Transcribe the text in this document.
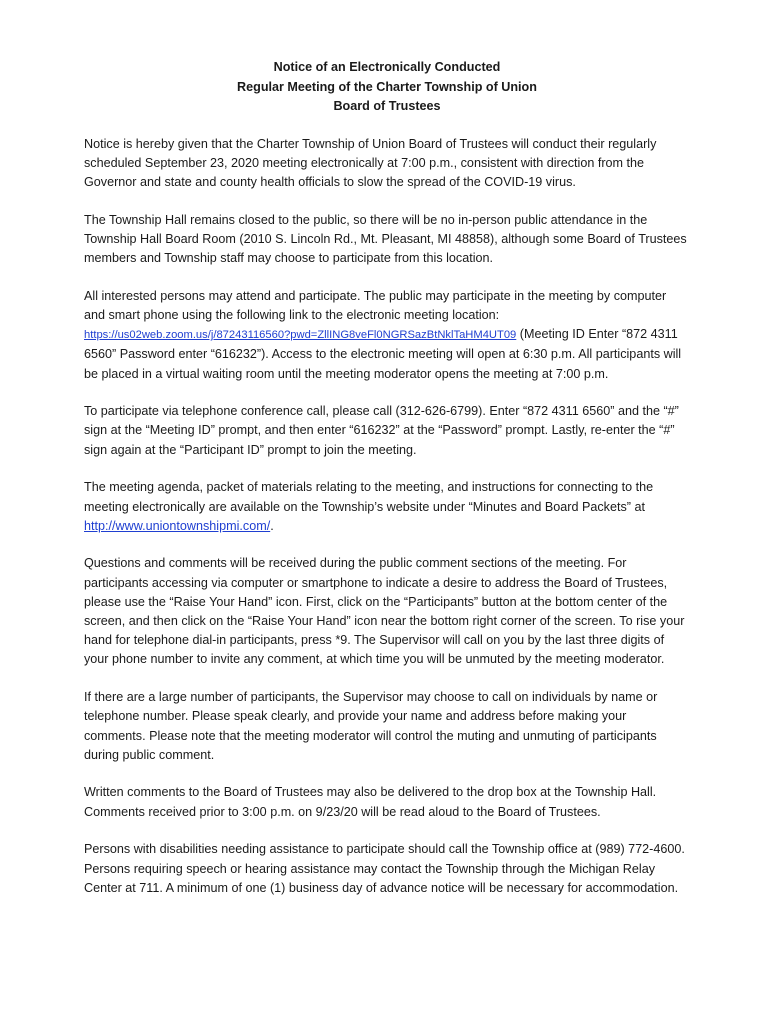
Notice of an Electronically Conducted
Regular Meeting of the Charter Township of Union
Board of Trustees

Notice is hereby given that the Charter Township of Union Board of Trustees will conduct their regularly scheduled September 23, 2020 meeting electronically at 7:00 p.m., consistent with direction from the Governor and state and county health officials to slow the spread of the COVID-19 virus.

The Township Hall remains closed to the public, so there will be no in-person public attendance in the Township Hall Board Room (2010 S. Lincoln Rd., Mt. Pleasant, MI 48858), although some Board of Trustees members and Township staff may choose to participate from this location.

All interested persons may attend and participate. The public may participate in the meeting by computer and smart phone using the following link to the electronic meeting location: https://us02web.zoom.us/j/87243116560?pwd=ZllING8veFl0NGRSazBtNklTaHM4UT09 (Meeting ID Enter “872 4311 6560” Password enter “616232”). Access to the electronic meeting will open at 6:30 p.m. All participants will be placed in a virtual waiting room until the meeting moderator opens the meeting at 7:00 p.m.

To participate via telephone conference call, please call (312-626-6799). Enter “872 4311 6560” and the “#” sign at the “Meeting ID” prompt, and then enter “616232” at the “Password” prompt. Lastly, re-enter the “#” sign again at the “Participant ID” prompt to join the meeting.

The meeting agenda, packet of materials relating to the meeting, and instructions for connecting to the meeting electronically are available on the Township’s website under “Minutes and Board Packets” at http://www.uniontownshipmi.com/.

Questions and comments will be received during the public comment sections of the meeting. For participants accessing via computer or smartphone to indicate a desire to address the Board of Trustees, please use the “Raise Your Hand” icon. First, click on the “Participants” button at the bottom center of the screen, and then click on the “Raise Your Hand” icon near the bottom right corner of the screen. To rise your hand for telephone dial-in participants, press *9. The Supervisor will call on you by the last three digits of your phone number to invite any comment, at which time you will be unmuted by the meeting moderator.

If there are a large number of participants, the Supervisor may choose to call on individuals by name or telephone number. Please speak clearly, and provide your name and address before making your comments. Please note that the meeting moderator will control the muting and unmuting of participants during public comment.

Written comments to the Board of Trustees may also be delivered to the drop box at the Township Hall. Comments received prior to 3:00 p.m. on 9/23/20 will be read aloud to the Board of Trustees.

Persons with disabilities needing assistance to participate should call the Township office at (989) 772-4600. Persons requiring speech or hearing assistance may contact the Township through the Michigan Relay Center at 711. A minimum of one (1) business day of advance notice will be necessary for accommodation.
